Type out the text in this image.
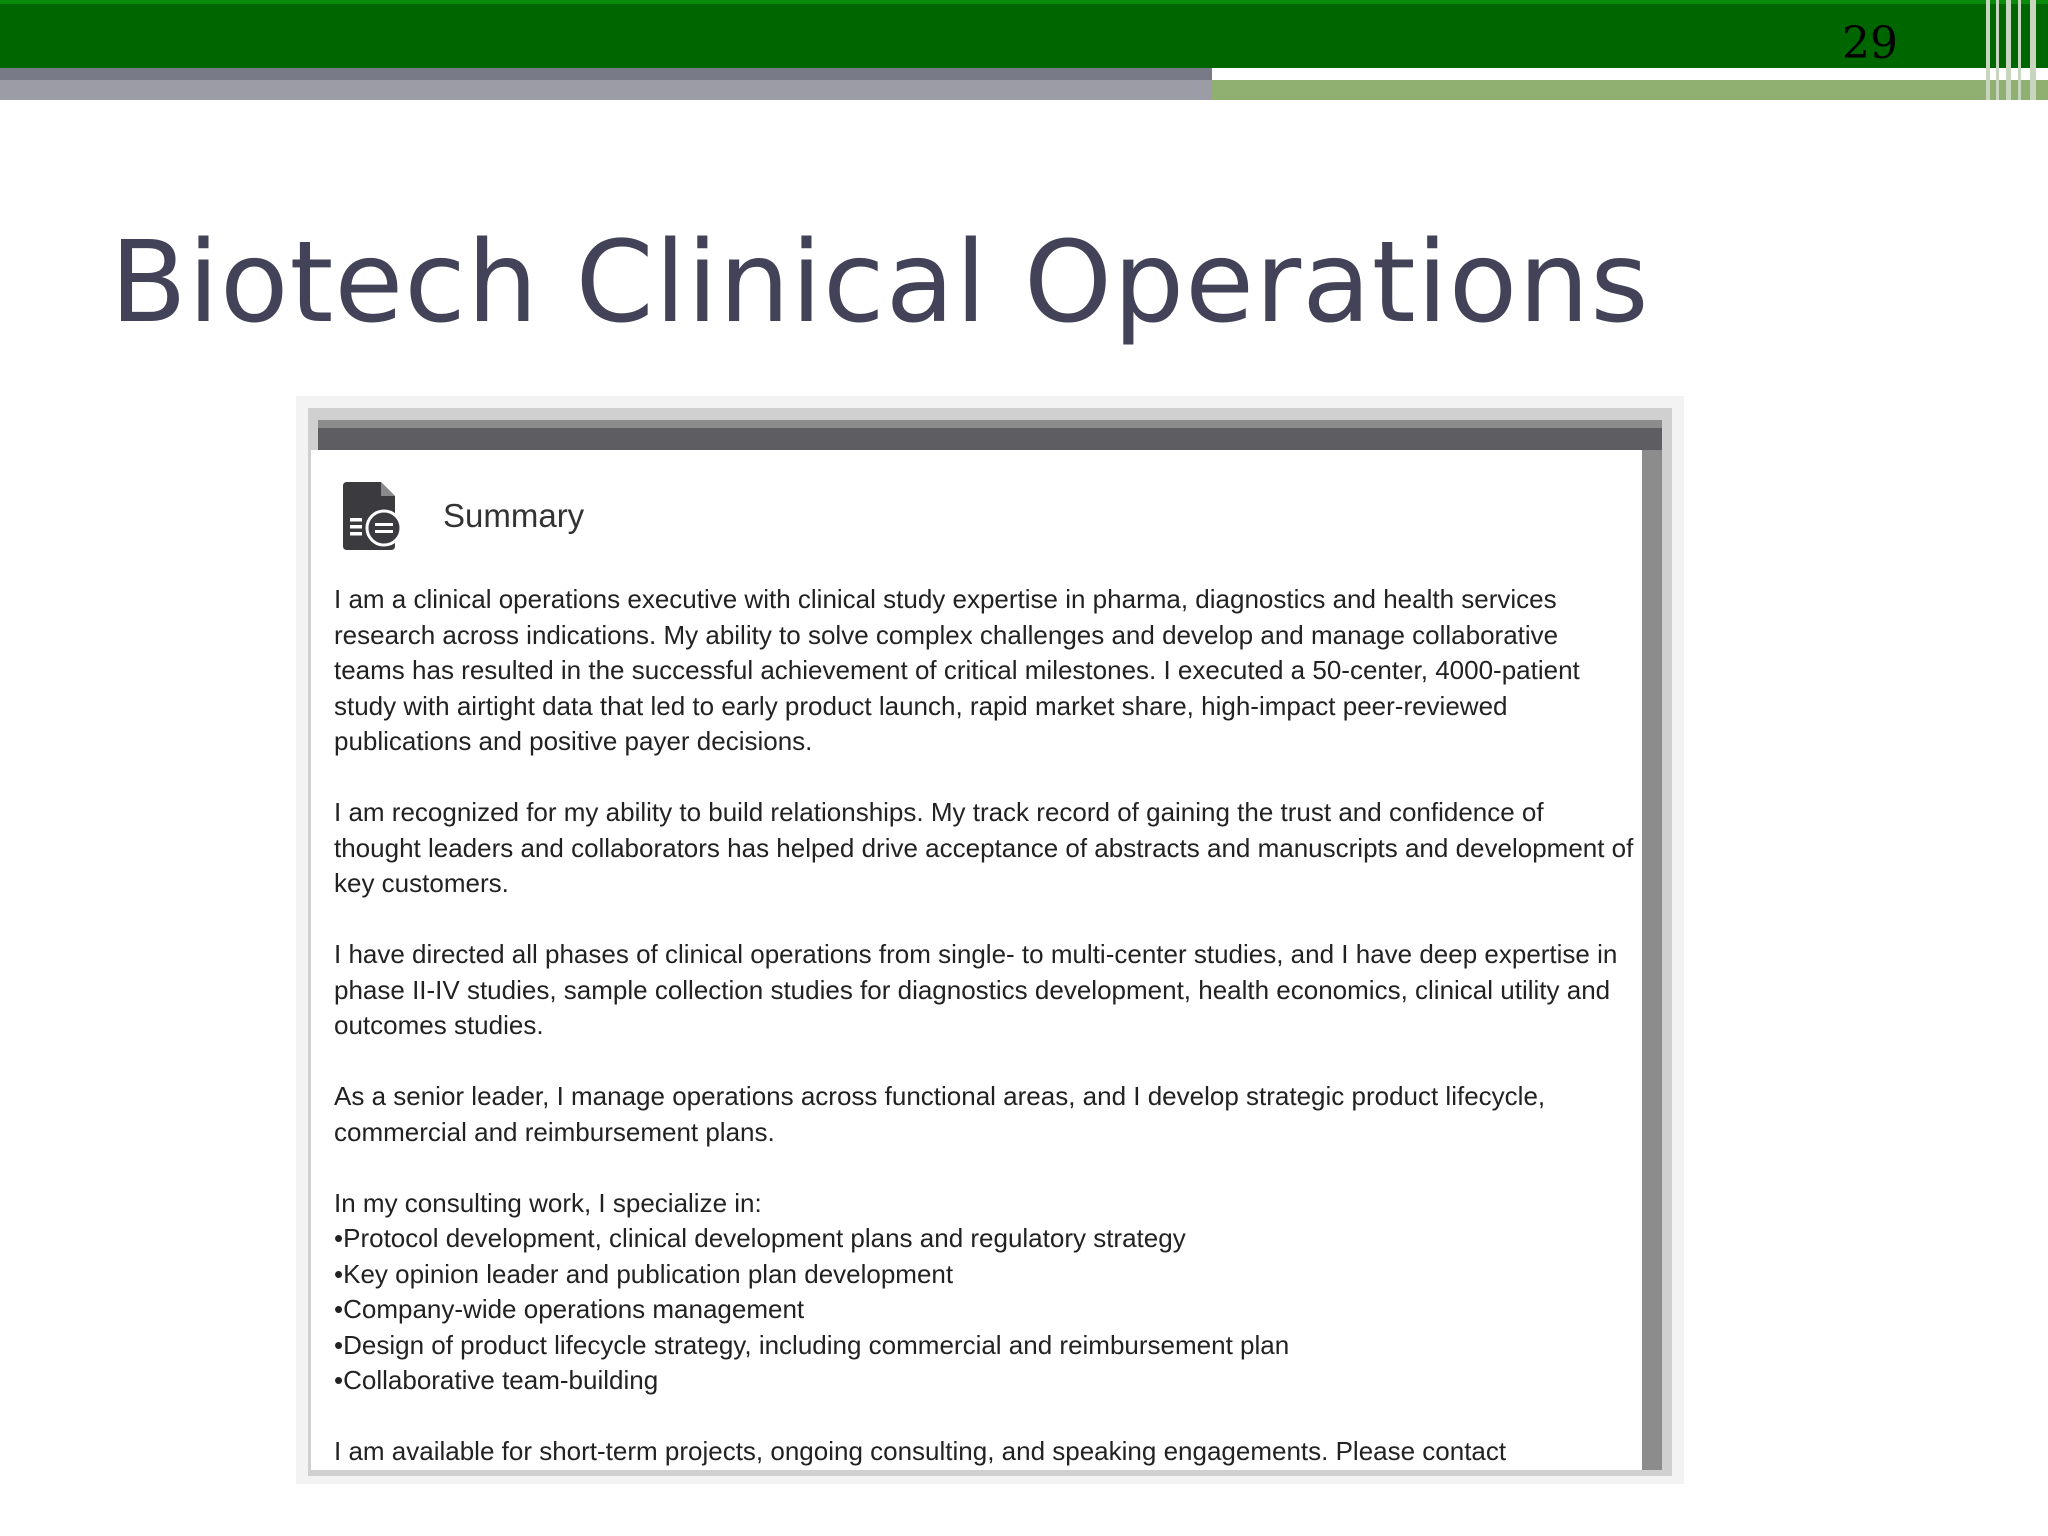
29
Biotech Clinical Operations
Summary

I am a clinical operations executive with clinical study expertise in pharma, diagnostics and health services research across indications. My ability to solve complex challenges and develop and manage collaborative teams has resulted in the successful achievement of critical milestones. I executed a 50-center, 4000-patient study with airtight data that led to early product launch, rapid market share, high-impact peer-reviewed publications and positive payer decisions.

I am recognized for my ability to build relationships. My track record of gaining the trust and confidence of thought leaders and collaborators has helped drive acceptance of abstracts and manuscripts and development of key customers.

I have directed all phases of clinical operations from single- to multi-center studies, and I have deep expertise in phase II-IV studies, sample collection studies for diagnostics development, health economics, clinical utility and outcomes studies.

As a senior leader, I manage operations across functional areas, and I develop strategic product lifecycle, commercial and reimbursement plans.

In my consulting work, I specialize in:
• Protocol development, clinical development plans and regulatory strategy
• Key opinion leader and publication plan development
• Company-wide operations management
• Design of product lifecycle strategy, including commercial and reimbursement plan
• Collaborative team-building

I am available for short-term projects, ongoing consulting, and speaking engagements. Please contact
